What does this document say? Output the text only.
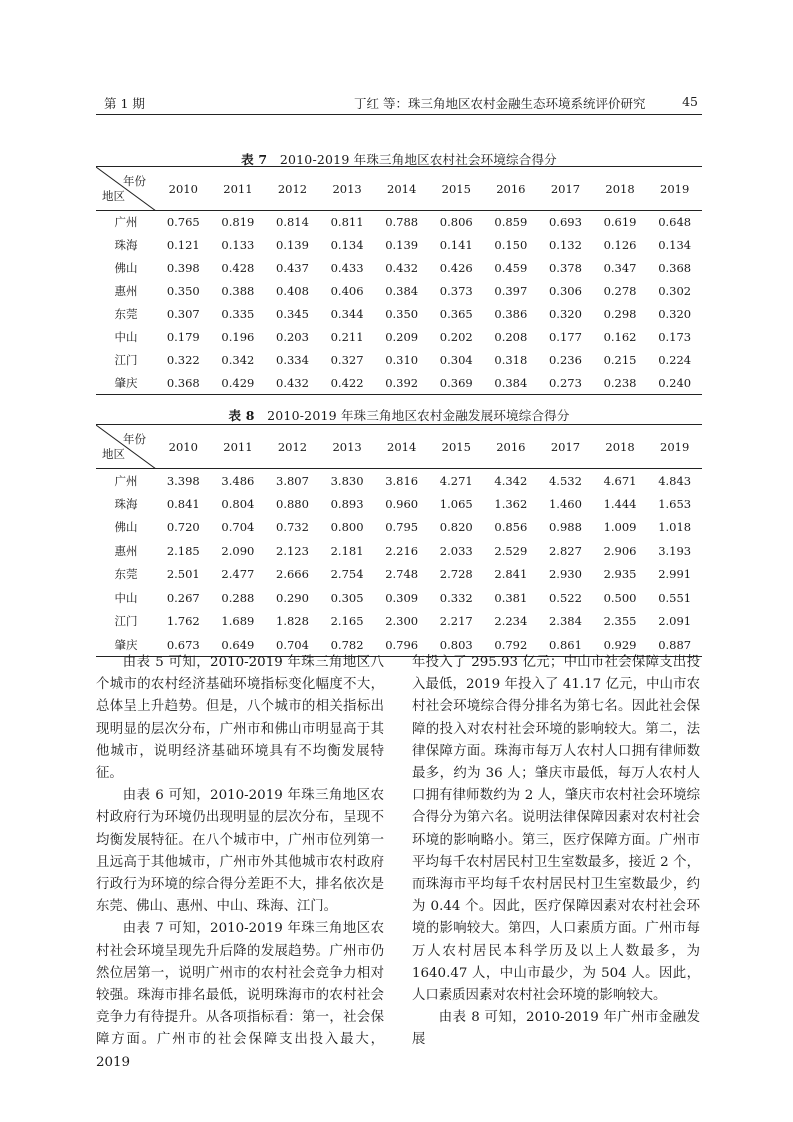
第 1 期	丁红 等：珠三角地区农村金融生态环境系统评价研究	45
表 7 2010-2019 年珠三角地区农村社会环境综合得分
年份
地区	2010	2011	2012	2013	2014	2015	2016	2017	2018	2019
广州	0.765	0.819	0.814	0.811	0.788	0.806	0.859	0.693	0.619	0.648
珠海	0.121	0.133	0.139	0.134	0.139	0.141	0.150	0.132	0.126	0.134
佛山	0.398	0.428	0.437	0.433	0.432	0.426	0.459	0.378	0.347	0.368
惠州	0.350	0.388	0.408	0.406	0.384	0.373	0.397	0.306	0.278	0.302
东莞	0.307	0.335	0.345	0.344	0.350	0.365	0.386	0.320	0.298	0.320
中山	0.179	0.196	0.203	0.211	0.209	0.202	0.208	0.177	0.162	0.173
江门	0.322	0.342	0.334	0.327	0.310	0.304	0.318	0.236	0.215	0.224
肇庆	0.368	0.429	0.432	0.422	0.392	0.369	0.384	0.273	0.238	0.240
表 8 2010-2019 年珠三角地区农村金融发展环境综合得分
年份
地区	2010	2011	2012	2013	2014	2015	2016	2017	2018	2019
广州	3.398	3.486	3.807	3.830	3.816	4.271	4.342	4.532	4.671	4.843
珠海	0.841	0.804	0.880	0.893	0.960	1.065	1.362	1.460	1.444	1.653
佛山	0.720	0.704	0.732	0.800	0.795	0.820	0.856	0.988	1.009	1.018
惠州	2.185	2.090	2.123	2.181	2.216	2.033	2.529	2.827	2.906	3.193
东莞	2.501	2.477	2.666	2.754	2.748	2.728	2.841	2.930	2.935	2.991
中山	0.267	0.288	0.290	0.305	0.309	0.332	0.381	0.522	0.500	0.551
江门	1.762	1.689	1.828	2.165	2.300	2.217	2.234	2.384	2.355	2.091
肇庆	0.673	0.649	0.704	0.782	0.796	0.803	0.792	0.861	0.929	0.887

由表 5 可知，2010-2019 年珠三角地区八个城市的农村经济基础环境指标变化幅度不大，总体呈上升趋势。但是，八个城市的相关指标出现明显的层次分布，广州市和佛山市明显高于其他城市，说明经济基础环境具有不均衡发展特征。

由表 6 可知，2010-2019 年珠三角地区农村政府行为环境仍出现明显的层次分布，呈现不均衡发展特征。在八个城市中，广州市位列第一且远高于其他城市，广州市外其他城市农村政府行政行为环境的综合得分差距不大，排名依次是东莞、佛山、惠州、中山、珠海、江门。

由表 7 可知，2010-2019 年珠三角地区农村社会环境呈现先升后降的发展趋势。广州市仍然位居第一，说明广州市的农村社会竞争力相对较强。珠海市排名最低，说明珠海市的农村社会竞争力有待提升。从各项指标看：第一，社会保障方面。广州市的社会保障支出投入最大，2019

年投入了 295.93 亿元；中山市社会保障支出投入最低，2019 年投入了 41.17 亿元，中山市农村社会环境综合得分排名为第七名。因此社会保障的投入对农村社会环境的影响较大。第二，法律保障方面。珠海市每万人农村人口拥有律师数最多，约为 36 人；肇庆市最低，每万人农村人口拥有律师数约为 2 人，肇庆市农村社会环境综合得分为第六名。说明法律保障因素对农村社会环境的影响略小。第三，医疗保障方面。广州市平均每千农村居民村卫生室数最多，接近 2 个，而珠海市平均每千农村居民村卫生室数最少，约为 0.44 个。因此，医疗保障因素对农村社会环境的影响较大。第四，人口素质方面。广州市每万人农村居民本科学历及以上人数最多，为 1640.47 人，中山市最少，为 504 人。因此，人口素质因素对农村社会环境的影响较大。

由表 8 可知，2010-2019 年广州市金融发展
